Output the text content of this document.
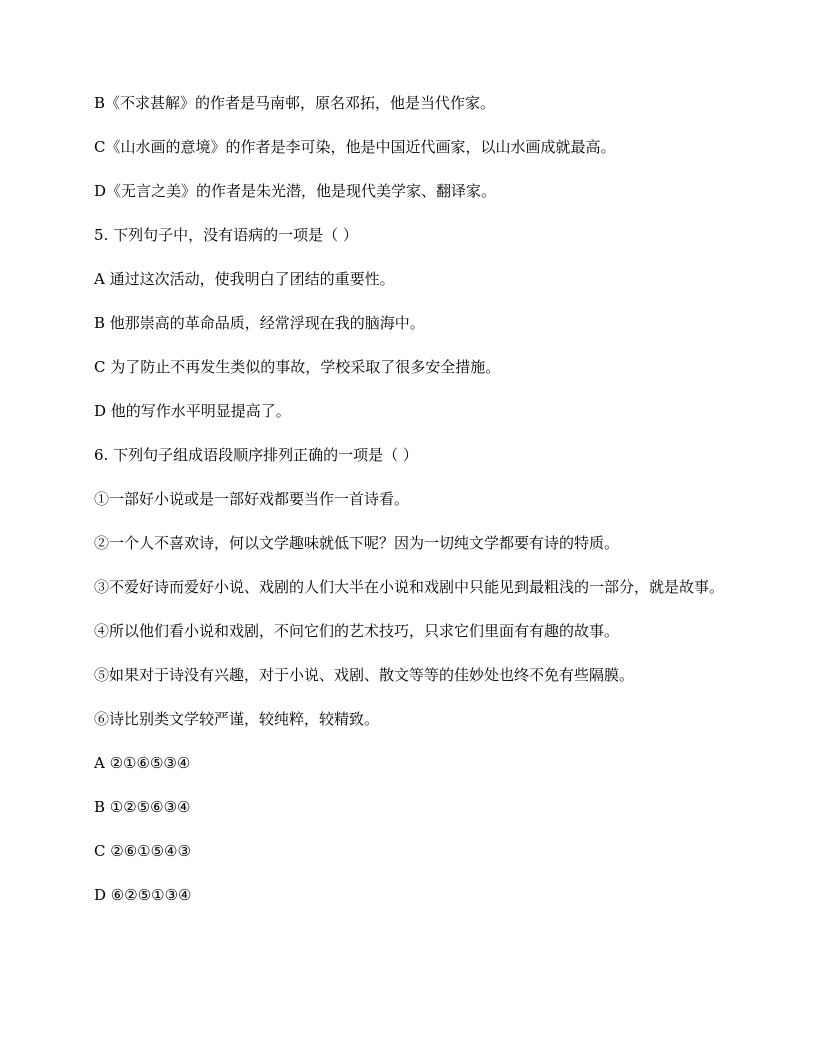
B《不求甚解》的作者是马南邨，原名邓拓，他是当代作家。

C《山水画的意境》的作者是李可染，他是中国近代画家，以山水画成就最高。

D《无言之美》的作者是朱光潜，他是现代美学家、翻译家。

5. 下列句子中，没有语病的一项是（ ）

A 通过这次活动，使我明白了团结的重要性。

B 他那崇高的革命品质，经常浮现在我的脑海中。

C 为了防止不再发生类似的事故，学校采取了很多安全措施。

D 他的写作水平明显提高了。

6. 下列句子组成语段顺序排列正确的一项是（ ）

①一部好小说或是一部好戏都要当作一首诗看。

②一个人不喜欢诗，何以文学趣味就低下呢？因为一切纯文学都要有诗的特质。

③不爱好诗而爱好小说、戏剧的人们大半在小说和戏剧中只能见到最粗浅的一部分，就是故事。

④所以他们看小说和戏剧，不问它们的艺术技巧，只求它们里面有有趣的故事。

⑤如果对于诗没有兴趣，对于小说、戏剧、散文等等的佳妙处也终不免有些隔膜。

⑥诗比别类文学较严谨，较纯粹，较精致。

A ②①⑥⑤③④

B ①②⑤⑥③④

C ②⑥①⑤④③

D ⑥②⑤①③④
